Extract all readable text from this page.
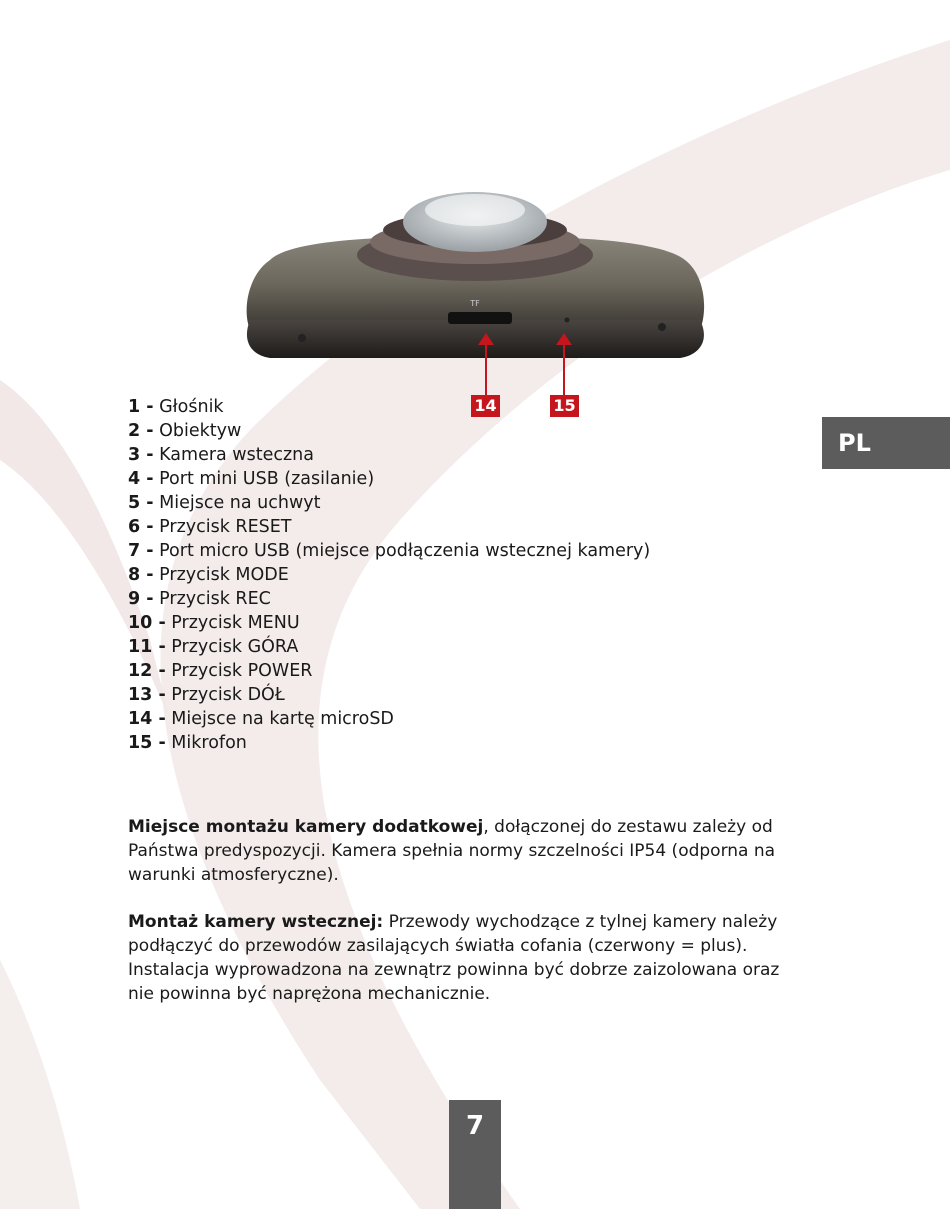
TF
14	15
PL
1 - Głośnik
2 - Obiektyw
3 - Kamera wsteczna
4 - Port mini USB (zasilanie)
5 - Miejsce na uchwyt
6 - Przycisk RESET
7 - Port micro USB (miejsce podłączenia wstecznej kamery)
8 - Przycisk MODE
9 - Przycisk REC
10 - Przycisk MENU
11 - Przycisk GÓRA
12 - Przycisk POWER
13 - Przycisk DÓŁ
14 - Miejsce na kartę microSD
15 - Mikrofon

Miejsce montażu kamery dodatkowej, dołączonej do zestawu zależy od Państwa predyspozycji. Kamera spełnia normy szczelności IP54 (odporna na warunki atmosferyczne).

Montaż kamery wstecznej: Przewody wychodzące z tylnej kamery należy podłączyć do przewodów zasilających światła cofania (czerwony = plus). Instalacja wyprowadzona na zewnątrz powinna być dobrze zaizolowana oraz nie powinna być naprężona mechanicznie.

7
